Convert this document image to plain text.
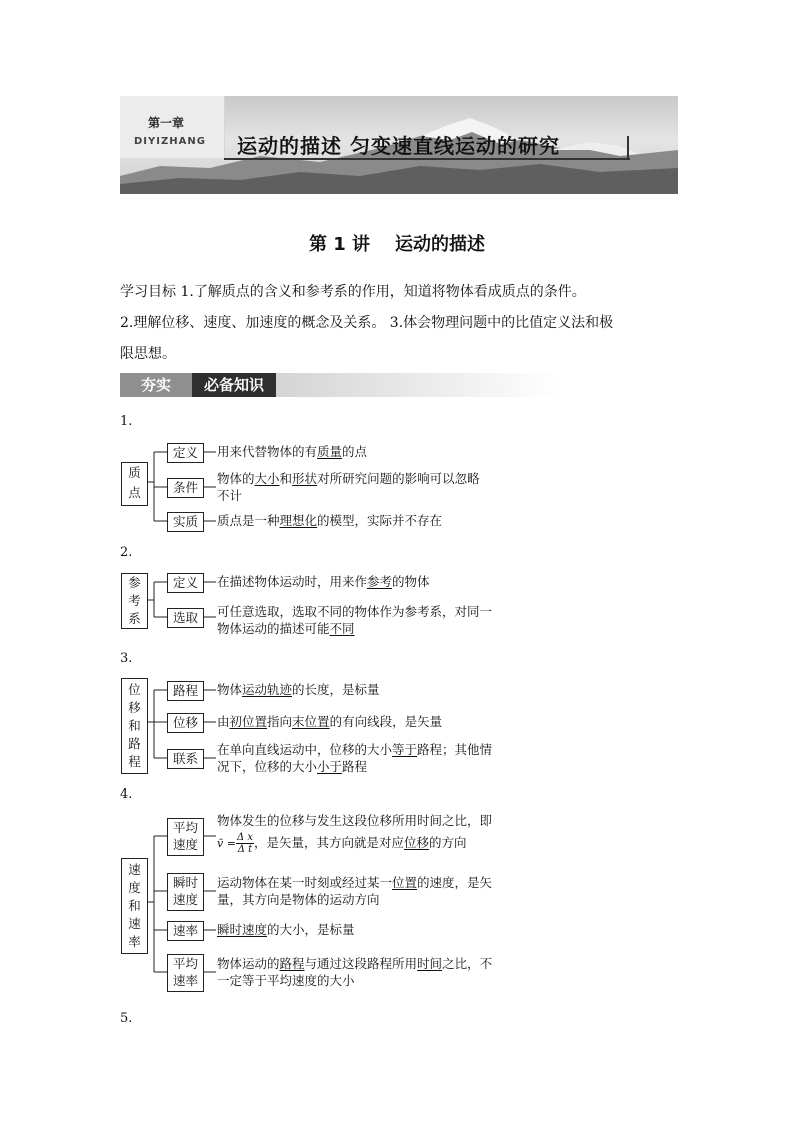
第一章
DIYIZHANG 运动的描述 匀变速直线运动的研究
第 1 讲    运动的描述
学习目标 1.了解质点的含义和参考系的作用，知道将物体看成质点的条件。
2.理解位移、速度、加速度的概念及关系。 3.体会物理问题中的比值定义法和极
限思想。
夯实	必备知识
1.
质点
定义
条件
实质
用来代替物体的有质量的点
物体的大小和形状对所研究问题的影响可以忽略
不计
质点是一种理想化的模型，实际并不存在
2.
参考系
定义
选取
在描述物体运动时，用来作参考的物体
可任意选取，选取不同的物体作为参考系，对同一
物体运动的描述可能不同
3.
位移和路程
路程
位移
联系
物体运动轨迹的长度，是标量
由初位置指向末位置的有向线段，是矢量
在单向直线运动中，位移的大小等于路程；其他情
况下，位移的大小小于路程
4.
速度和速率
平均速度
瞬时速度
速率
平均速率
物体发生的位移与发生这段位移所用时间之比，即
v̄ = $\frac{\text{Δ x}}{\text{Δ t}}$ ，是矢量，其方向就是对应位移的方向
运动物体在某一时刻或经过某一位置的速度，是矢
量，其方向是物体的运动方向
瞬时速度的大小，是标量
物体运动的路程与通过这段路程所用时间之比，不
一定等于平均速度的大小
5.
